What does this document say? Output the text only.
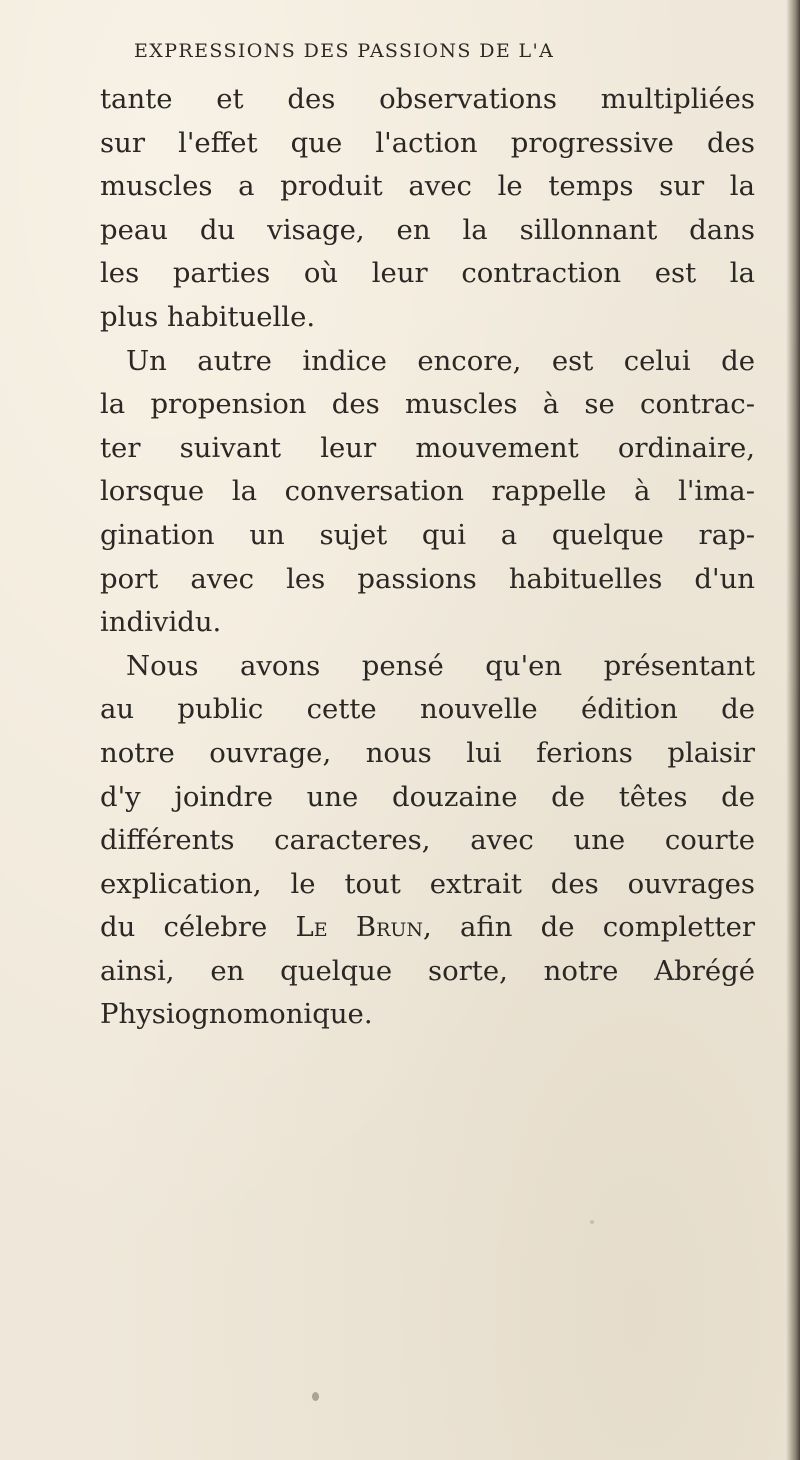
EXPRESSIONS DES PASSIONS DE L'A
tante et des observations multipliées
sur l'effet que l'action progressive des
muscles a produit avec le temps sur la
peau du visage, en la sillonnant dans
les parties où leur contraction est la
plus habituelle.
Un autre indice encore, est celui de
la propension des muscles à se contrac-
ter suivant leur mouvement ordinaire,
lorsque la conversation rappelle à l'ima-
gination un sujet qui a quelque rap-
port avec les passions habituelles d'un
individu.
Nous avons pensé qu'en présentant
au public cette nouvelle édition de
notre ouvrage, nous lui ferions plaisir
d'y joindre une douzaine de têtes de
différents caracteres, avec une courte
explication, le tout extrait des ouvrages
du célebre Le Brun, afin de completter
ainsi, en quelque sorte, notre Abrégé
Physiognomonique.
